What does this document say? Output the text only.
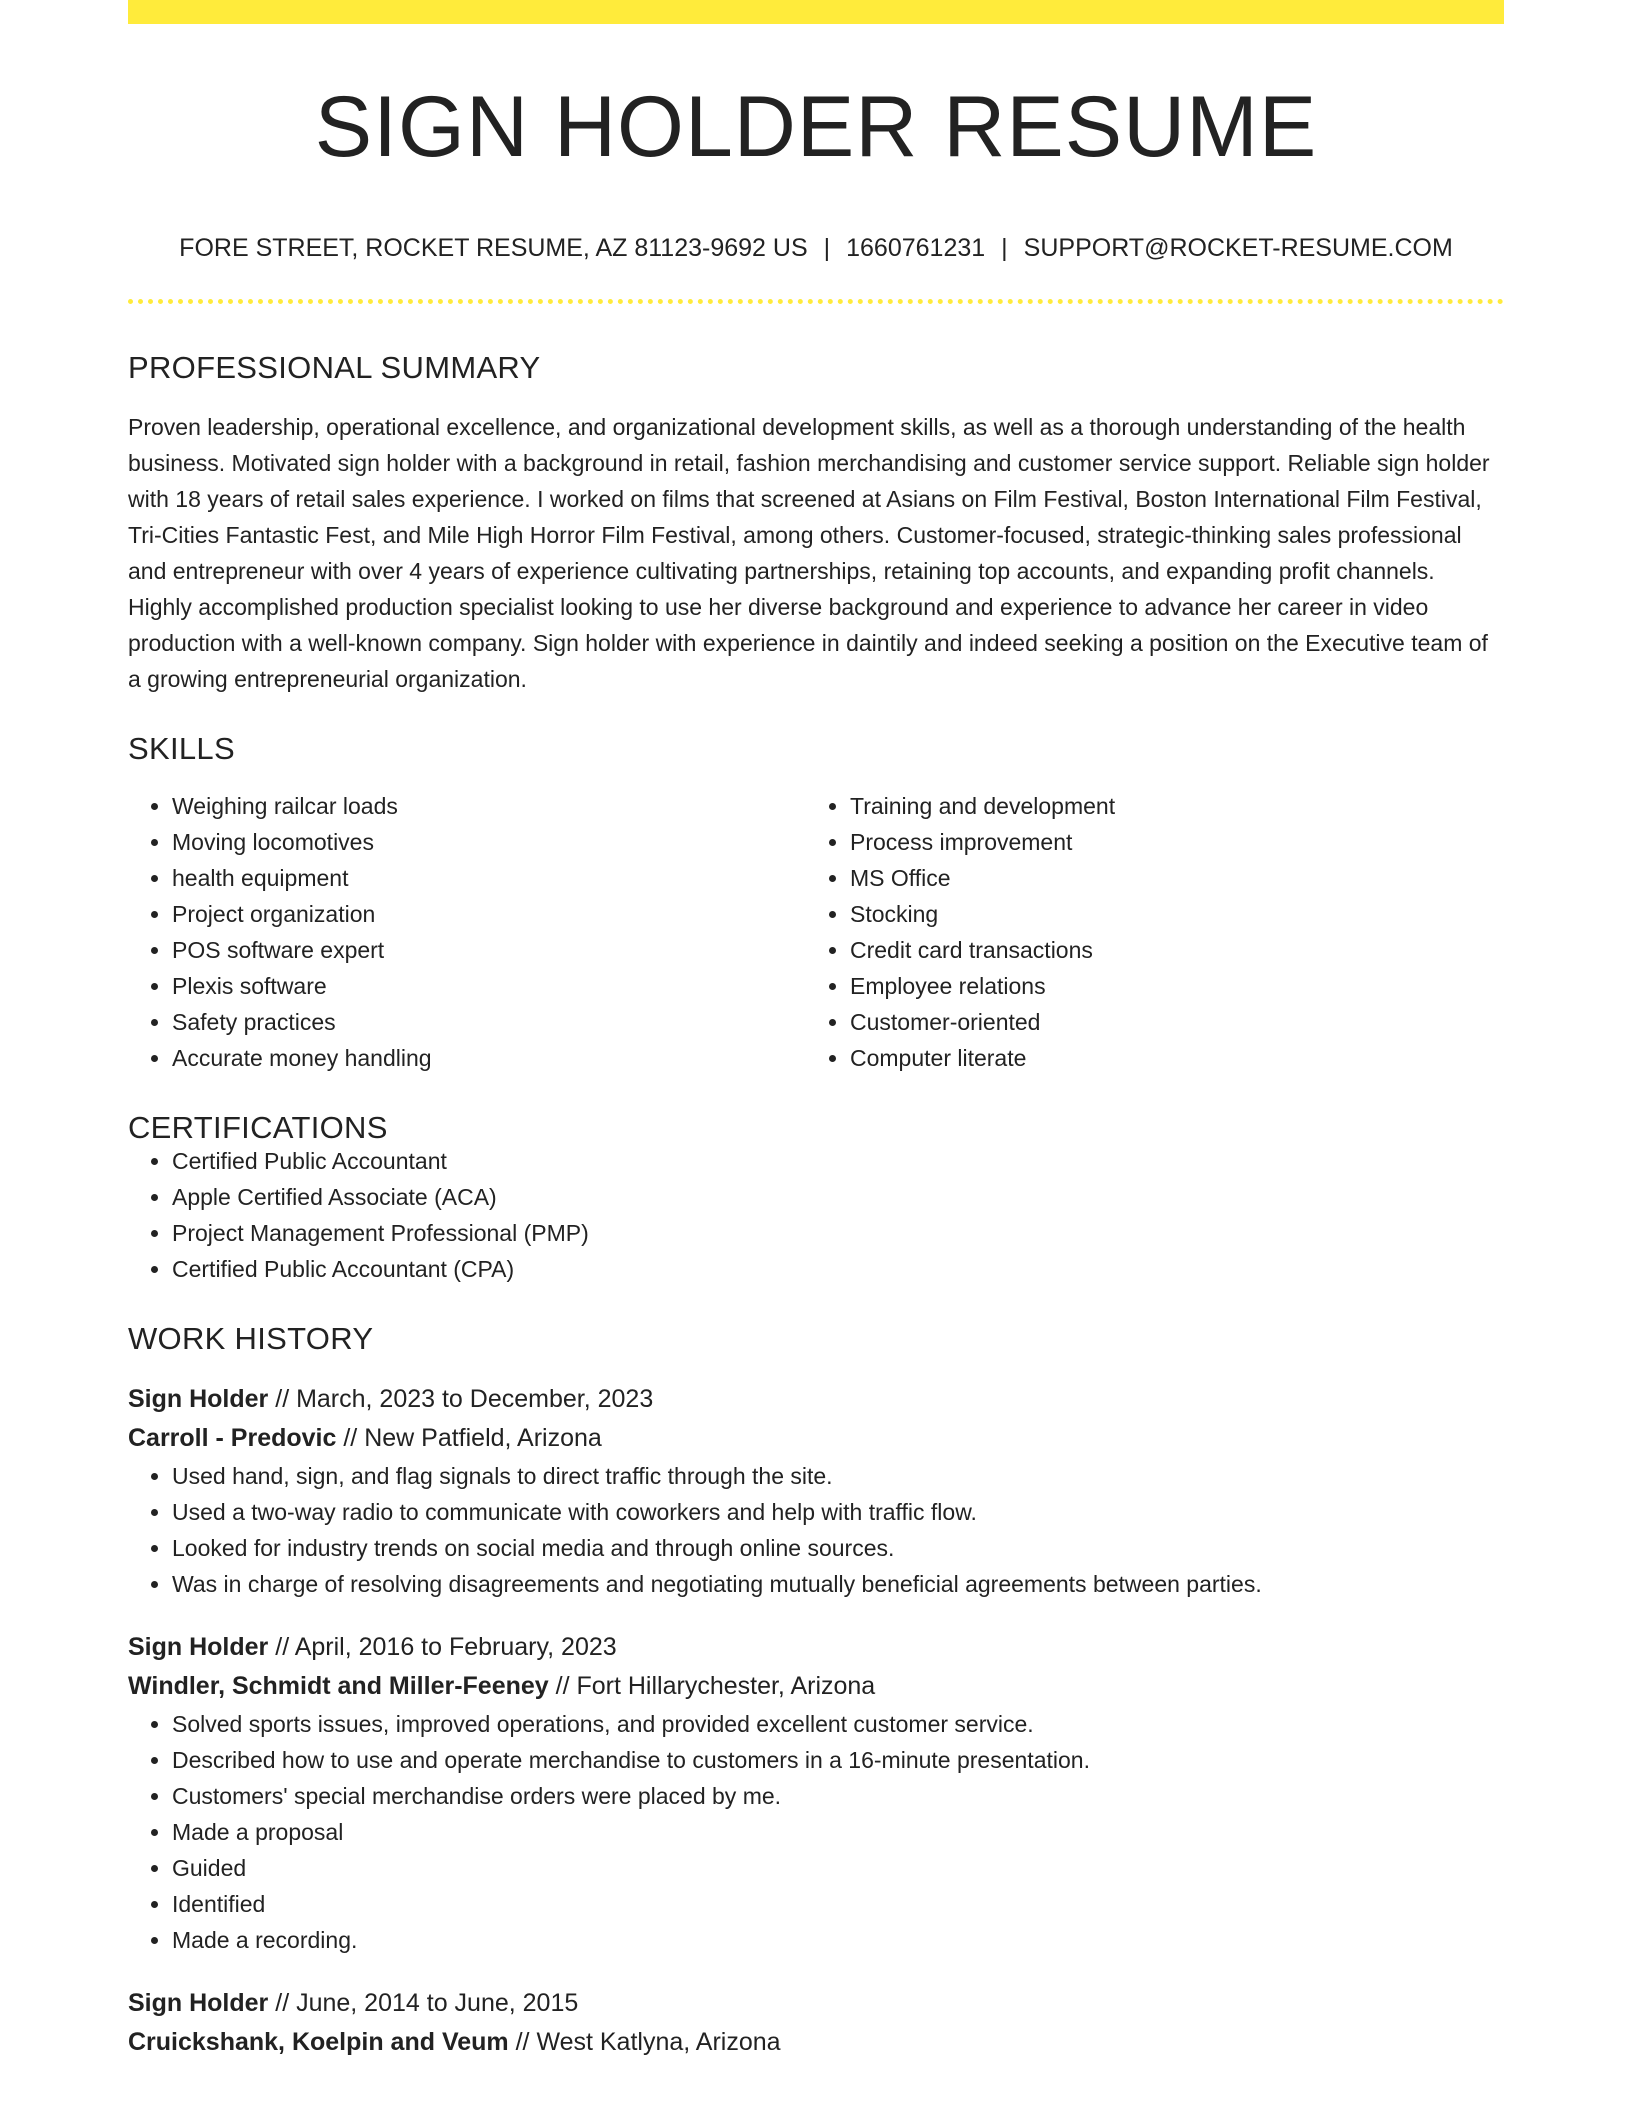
SIGN HOLDER RESUME
FORE STREET, ROCKET RESUME, AZ 81123-9692 US | 1660761231 | SUPPORT@ROCKET-RESUME.COM
PROFESSIONAL SUMMARY
Proven leadership, operational excellence, and organizational development skills, as well as a thorough understanding of the health business. Motivated sign holder with a background in retail, fashion merchandising and customer service support. Reliable sign holder with 18 years of retail sales experience. I worked on films that screened at Asians on Film Festival, Boston International Film Festival, Tri-Cities Fantastic Fest, and Mile High Horror Film Festival, among others. Customer-focused, strategic-thinking sales professional and entrepreneur with over 4 years of experience cultivating partnerships, retaining top accounts, and expanding profit channels. Highly accomplished production specialist looking to use her diverse background and experience to advance her career in video production with a well-known company. Sign holder with experience in daintily and indeed seeking a position on the Executive team of a growing entrepreneurial organization.
SKILLS
• Weighing railcar loads
• Moving locomotives
• health equipment
• Project organization
• POS software expert
• Plexis software
• Safety practices
• Accurate money handling
• Training and development
• Process improvement
• MS Office
• Stocking
• Credit card transactions
• Employee relations
• Customer-oriented
• Computer literate
CERTIFICATIONS
• Certified Public Accountant
• Apple Certified Associate (ACA)
• Project Management Professional (PMP)
• Certified Public Accountant (CPA)
WORK HISTORY
Sign Holder // March, 2023 to December, 2023
Carroll - Predovic // New Patfield, Arizona
• Used hand, sign, and flag signals to direct traffic through the site.
• Used a two-way radio to communicate with coworkers and help with traffic flow.
• Looked for industry trends on social media and through online sources.
• Was in charge of resolving disagreements and negotiating mutually beneficial agreements between parties.
Sign Holder // April, 2016 to February, 2023
Windler, Schmidt and Miller-Feeney // Fort Hillarychester, Arizona
• Solved sports issues, improved operations, and provided excellent customer service.
• Described how to use and operate merchandise to customers in a 16-minute presentation.
• Customers' special merchandise orders were placed by me.
• Made a proposal
• Guided
• Identified
• Made a recording.
Sign Holder // June, 2014 to June, 2015
Cruickshank, Koelpin and Veum // West Katlyna, Arizona
